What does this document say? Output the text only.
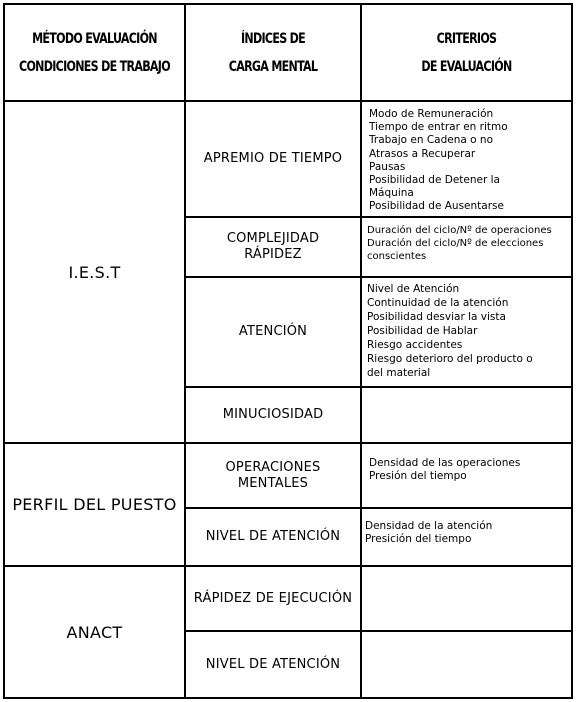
MÉTODO EVALUACIÓN
CONDICIONES DE TRABAJO
ÍNDICES DE
CARGA MENTAL
CRITERIOS
DE EVALUACIÓN
I.E.S.T
PERFIL DEL PUESTO
ANACT
APREMIO DE TIEMPO
Modo de Remuneración
Tiempo de entrar en ritmo
Trabajo en Cadena o no
Atrasos a Recuperar
Pausas
Posibilidad de Detener la
Máquina
Posibilidad de Ausentarse
COMPLEJIDAD
RÁPIDEZ
Duración del ciclo/Nº de operaciones
Duración del ciclo/Nº de elecciones
conscientes
ATENCIÓN
Nivel de Atención
Continuidad de la atención
Posibilidad desviar la vista
Posibilidad de Hablar
Riesgo accidentes
Riesgo deterioro del producto o
del material
MINUCIOSIDAD
OPERACIONES
MENTALES
Densidad de las operaciones
Presión del tiempo
NIVEL DE ATENCIÓN
Densidad de la atención
Presición del tiempo
RÁPIDEZ DE EJECUCIÓN
NIVEL DE ATENCIÓN
